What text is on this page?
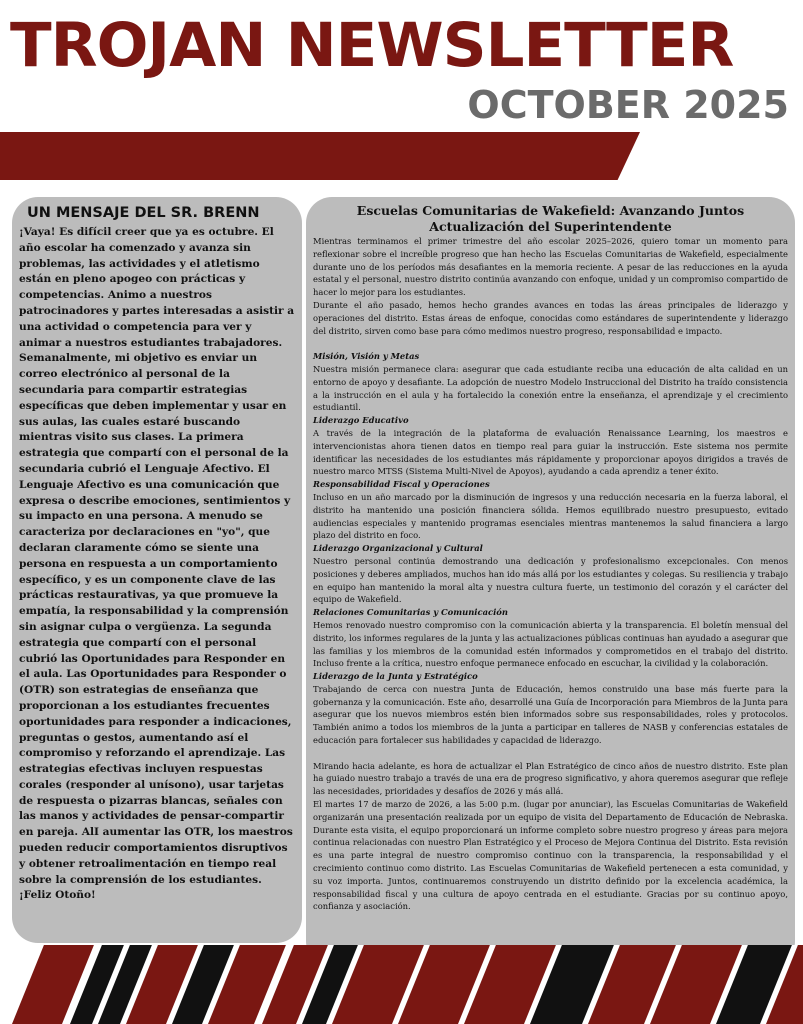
TROJAN NEWSLETTER
OCTOBER 2025
UN MENSAJE DEL SR. BRENN

¡Vaya! Es difícil creer que ya es octubre. El año escolar ha comenzado y avanza sin problemas, las actividades y el atletismo están en pleno apogeo con prácticas y competencias. Animo a nuestros patrocinadores y partes interesadas a asistir a una actividad o competencia para ver y animar a nuestros estudiantes trabajadores. Semanalmente, mi objetivo es enviar un correo electrónico al personal de la secundaria para compartir estrategias específicas que deben implementar y usar en sus aulas, las cuales estaré buscando mientras visito sus clases. La primera estrategia que compartí con el personal de la secundaria cubrió el Lenguaje Afectivo. El Lenguaje Afectivo es una comunicación que expresa o describe emociones, sentimientos y su impacto en una persona. A menudo se caracteriza por declaraciones en "yo", que declaran claramente cómo se siente una persona en respuesta a un comportamiento específico, y es un componente clave de las prácticas restaurativas, ya que promueve la empatía, la responsabilidad y la comprensión sin asignar culpa o vergüenza. La segunda estrategia que compartí con el personal cubrió las Oportunidades para Responder en el aula. Las Oportunidades para Responder o (OTR) son estrategias de enseñanza que proporcionan a los estudiantes frecuentes oportunidades para responder a indicaciones, preguntas o gestos, aumentando así el compromiso y reforzando el aprendizaje. Las estrategias efectivas incluyen respuestas corales (responder al unísono), usar tarjetas de respuesta o pizarras blancas, señales con las manos y actividades de pensar-compartir en pareja. AlI aumentar las OTR, los maestros pueden reducir comportamientos disruptivos y obtener retroalimentación en tiempo real sobre la comprensión de los estudiantes. ¡Feliz Otoño!

Escuelas Comunitarias de Wakefield: Avanzando Juntos
Actualización del Superintendente

Mientras terminamos el primer trimestre del año escolar 2025–2026, quiero tomar un momento para reflexionar sobre el increíble progreso que han hecho las Escuelas Comunitarias de Wakefield, especialmente durante uno de los períodos más desafiantes en la memoria reciente. A pesar de las reducciones en la ayuda estatal y el personal, nuestro distrito continúa avanzando con enfoque, unidad y un compromiso compartido de hacer lo mejor para los estudiantes.

Durante el año pasado, hemos hecho grandes avances en todas las áreas principales de liderazgo y operaciones del distrito. Estas áreas de enfoque, conocidas como estándares de superintendente y liderazgo del distrito, sirven como base para cómo medimos nuestro progreso, responsabilidad e impacto.

Misión, Visión y Metas

Nuestra misión permanece clara: asegurar que cada estudiante reciba una educación de alta calidad en un entorno de apoyo y desafiante. La adopción de nuestro Modelo Instruccional del Distrito ha traído consistencia a la instrucción en el aula y ha fortalecido la conexión entre la enseñanza, el aprendizaje y el crecimiento estudiantil.

Liderazgo Educativo

A través de la integración de la plataforma de evaluación Renaissance Learning, los maestros e intervencionistas ahora tienen datos en tiempo real para guiar la instrucción. Este sistema nos permite identificar las necesidades de los estudiantes más rápidamente y proporcionar apoyos dirigidos a través de nuestro marco MTSS (Sistema Multi-Nivel de Apoyos), ayudando a cada aprendiz a tener éxito.

Responsabilidad Fiscal y Operaciones

Incluso en un año marcado por la disminución de ingresos y una reducción necesaria en la fuerza laboral, el distrito ha mantenido una posición financiera sólida. Hemos equilibrado nuestro presupuesto, evitado audiencias especiales y mantenido programas esenciales mientras mantenemos la salud financiera a largo plazo del distrito en foco.

Liderazgo Organizacional y Cultural

Nuestro personal continúa demostrando una dedicación y profesionalismo excepcionales. Con menos posiciones y deberes ampliados, muchos han ido más allá por los estudiantes y colegas. Su resiliencia y trabajo en equipo han mantenido la moral alta y nuestra cultura fuerte, un testimonio del corazón y el carácter del equipo de Wakefield.

Relaciones Comunitarias y Comunicación

Hemos renovado nuestro compromiso con la comunicación abierta y la transparencia. El boletín mensual del distrito, los informes regulares de la junta y las actualizaciones públicas continuas han ayudado a asegurar que las familias y los miembros de la comunidad estén informados y comprometidos en el trabajo del distrito. Incluso frente a la crítica, nuestro enfoque permanece enfocado en escuchar, la civilidad y la colaboración.

Liderazgo de la Junta y Estratégico

Trabajando de cerca con nuestra Junta de Educación, hemos construido una base más fuerte para la gobernanza y la comunicación. Este año, desarrollé una Guía de Incorporación para Miembros de la Junta para asegurar que los nuevos miembros estén bien informados sobre sus responsabilidades, roles y protocolos. También animo a todos los miembros de la junta a participar en talleres de NASB y conferencias estatales de educación para fortalecer sus habilidades y capacidad de liderazgo.

Mirando hacia adelante, es hora de actualizar el Plan Estratégico de cinco años de nuestro distrito. Este plan ha guiado nuestro trabajo a través de una era de progreso significativo, y ahora queremos asegurar que refleje las necesidades, prioridades y desafíos de 2026 y más allá.

El martes 17 de marzo de 2026, a las 5:00 p.m. (lugar por anunciar), las Escuelas Comunitarias de Wakefield organizarán una presentación realizada por un equipo de visita del Departamento de Educación de Nebraska. Durante esta visita, el equipo proporcionará un informe completo sobre nuestro progreso y áreas para mejora continua relacionadas con nuestro Plan Estratégico y el Proceso de Mejora Continua del Distrito. Esta revisión es una parte integral de nuestro compromiso continuo con la transparencia, la responsabilidad y el crecimiento continuo como distrito. Las Escuelas Comunitarias de Wakefield pertenecen a esta comunidad, y su voz importa. Juntos, continuaremos construyendo un distrito definido por la excelencia académica, la responsabilidad fiscal y una cultura de apoyo centrada en el estudiante. Gracias por su continuo apoyo, confianza y asociación.
